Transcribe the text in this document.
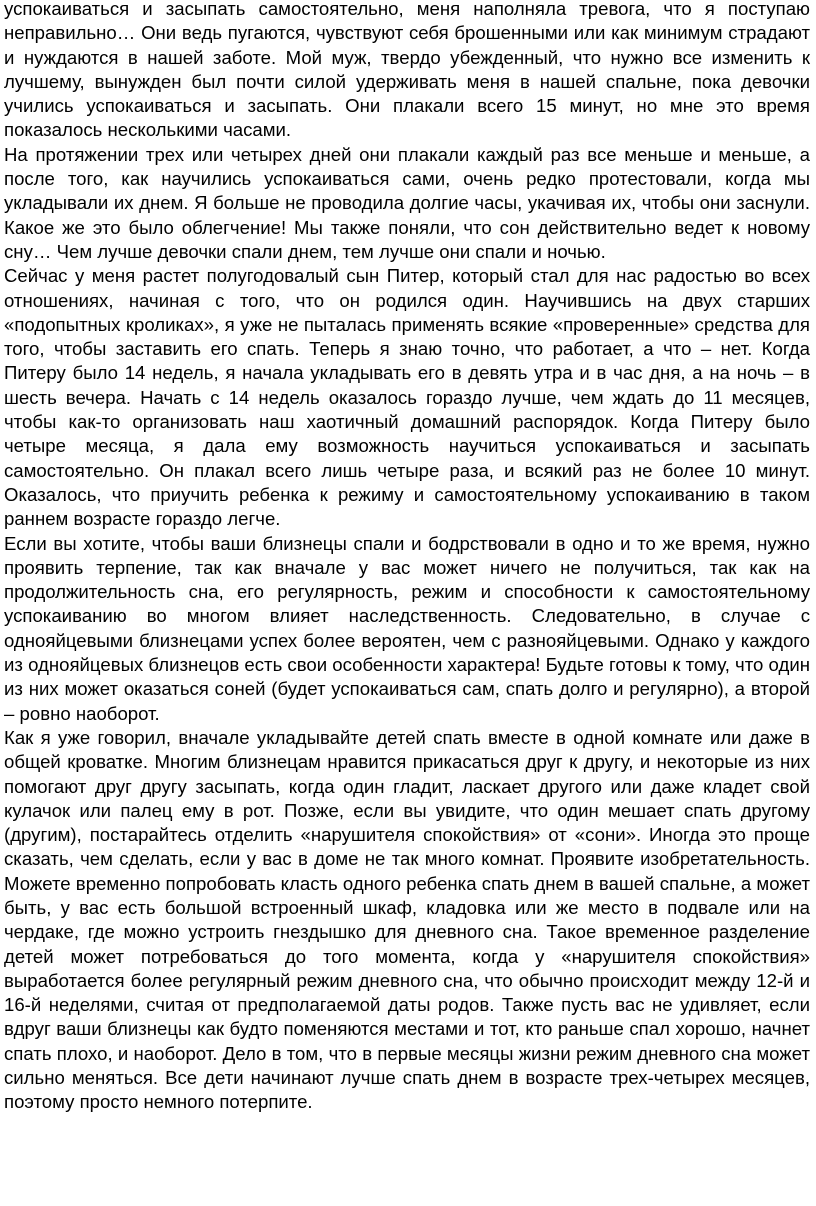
успокаиваться и засыпать самостоятельно, меня наполняла тревога, что я поступаю неправильно… Они ведь пугаются, чувствуют себя брошенными или как минимум страдают и нуждаются в нашей заботе. Мой муж, твердо убежденный, что нужно все изменить к лучшему, вынужден был почти силой удерживать меня в нашей спальне, пока девочки учились успокаиваться и засыпать. Они плакали всего 15 минут, но мне это время показалось несколькими часами.

На протяжении трех или четырех дней они плакали каждый раз все меньше и меньше, а после того, как научились успокаиваться сами, очень редко протестовали, когда мы укладывали их днем. Я больше не проводила долгие часы, укачивая их, чтобы они заснули. Какое же это было облегчение! Мы также поняли, что сон действительно ведет к новому сну… Чем лучше девочки спали днем, тем лучше они спали и ночью.

Сейчас у меня растет полугодовалый сын Питер, который стал для нас радостью во всех отношениях, начиная с того, что он родился один. Научившись на двух старших «подопытных кроликах», я уже не пыталась применять всякие «проверенные» средства для того, чтобы заставить его спать. Теперь я знаю точно, что работает, а что – нет. Когда Питеру было 14 недель, я начала укладывать его в девять утра и в час дня, а на ночь – в шесть вечера. Начать с 14 недель оказалось гораздо лучше, чем ждать до 11 месяцев, чтобы как-то организовать наш хаотичный домашний распорядок. Когда Питеру было четыре месяца, я дала ему возможность научиться успокаиваться и засыпать самостоятельно. Он плакал всего лишь четыре раза, и всякий раз не более 10 минут. Оказалось, что приучить ребенка к режиму и самостоятельному успокаиванию в таком раннем возрасте гораздо легче.

Если вы хотите, чтобы ваши близнецы спали и бодрствовали в одно и то же время, нужно проявить терпение, так как вначале у вас может ничего не получиться, так как на продолжительность сна, его регулярность, режим и способности к самостоятельному успокаиванию во многом влияет наследственность. Следовательно, в случае с однояйцевыми близнецами успех более вероятен, чем с разнояйцевыми. Однако у каждого из однояйцевых близнецов есть свои особенности характера! Будьте готовы к тому, что один из них может оказаться соней (будет успокаиваться сам, спать долго и регулярно), а второй – ровно наоборот.

Как я уже говорил, вначале укладывайте детей спать вместе в одной комнате или даже в общей кроватке. Многим близнецам нравится прикасаться друг к другу, и некоторые из них помогают друг другу засыпать, когда один гладит, ласкает другого или даже кладет свой кулачок или палец ему в рот. Позже, если вы увидите, что один мешает спать другому (другим), постарайтесь отделить «нарушителя спокойствия» от «сони». Иногда это проще сказать, чем сделать, если у вас в доме не так много комнат. Проявите изобретательность. Можете временно попробовать класть одного ребенка спать днем в вашей спальне, а может быть, у вас есть большой встроенный шкаф, кладовка или же место в подвале или на чердаке, где можно устроить гнездышко для дневного сна. Такое временное разделение детей может потребоваться до того момента, когда у «нарушителя спокойствия» выработается более регулярный режим дневного сна, что обычно происходит между 12-й и 16-й неделями, считая от предполагаемой даты родов. Также пусть вас не удивляет, если вдруг ваши близнецы как будто поменяются местами и тот, кто раньше спал хорошо, начнет спать плохо, и наоборот. Дело в том, что в первые месяцы жизни режим дневного сна может сильно меняться. Все дети начинают лучше спать днем в возрасте трех-четырех месяцев, поэтому просто немного потерпите.
